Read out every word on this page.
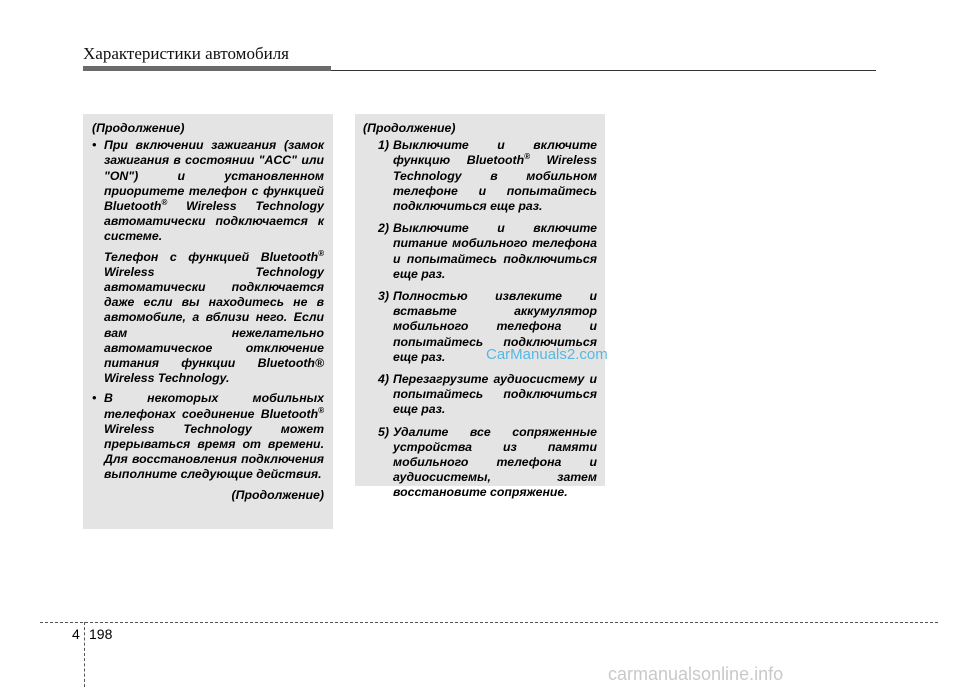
Характеристики автомобиля
(Продолжение)
• При включении зажигания (замок зажигания в состоянии "ACC" или "ON") и установленном приоритете телефон с функцией Bluetooth® Wireless Technology автоматически подключается к системе.
Телефон с функцией Bluetooth® Wireless Technology автоматически подключается даже если вы находитесь не в автомобиле, а вблизи него. Если вам нежелательно автоматическое отключение питания функции Bluetooth® Wireless Technology.
• В некоторых мобильных телефонах соединение Bluetooth® Wireless Technology может прерываться время от времени. Для восстановления подключения выполните следующие действия.
(Продолжение)
(Продолжение)
1) Выключите и включите функцию Bluetooth® Wireless Technology в мобильном телефоне и попытайтесь подключиться еще раз.
2) Выключите и включите питание мобильного телефона и попытайтесь подключиться еще раз.
3) Полностью извлеките и вставьте аккумулятор мобильного телефона и попытайтесь подключиться еще раз.
4) Перезагрузите аудиосистему и попытайтесь подключиться еще раз.
5) Удалите все сопряженные устройства из памяти мобильного телефона и аудиосистемы, затем восстановите сопряжение.
CarManuals2.com
4 198
carmanualsonline.info
